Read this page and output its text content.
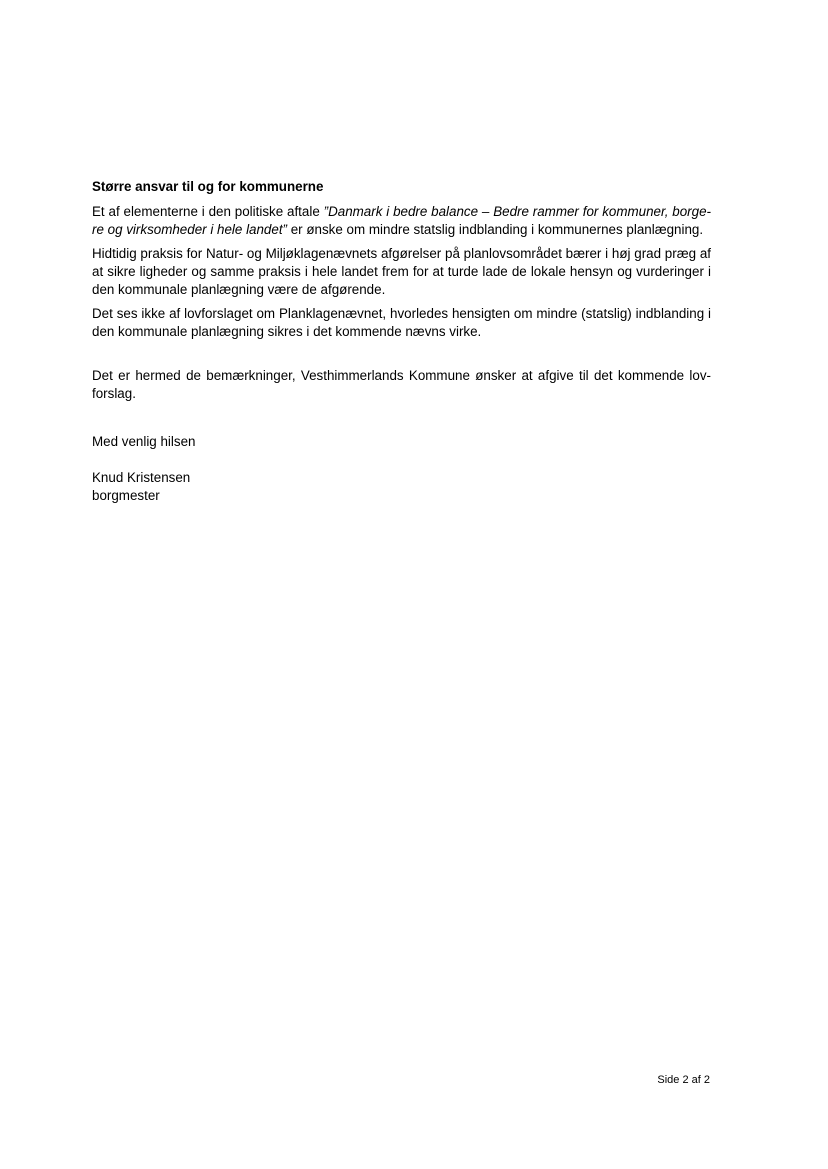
Større ansvar til og for kommunerne

Et af elementerne i den politiske aftale ”Danmark i bedre balance – Bedre rammer for kommuner, borge-re og virksomheder i hele landet” er ønske om mindre statslig indblanding i kommunernes planlægning.

Hidtidig praksis for Natur- og Miljøklagenævnets afgørelser på planlovsområdet bærer i høj grad præg af at sikre ligheder og samme praksis i hele landet frem for at turde lade de lokale hensyn og vurderinger i den kommunale planlægning være de afgørende.

Det ses ikke af lovforslaget om Planklagenævnet, hvorledes hensigten om mindre (statslig) indblanding i den kommunale planlægning sikres i det kommende nævns virke.

Det er hermed de bemærkninger, Vesthimmerlands Kommune ønsker at afgive til det kommende lov-forslag.

Med venlig hilsen

Knud Kristensen
borgmester
Side 2 af 2
